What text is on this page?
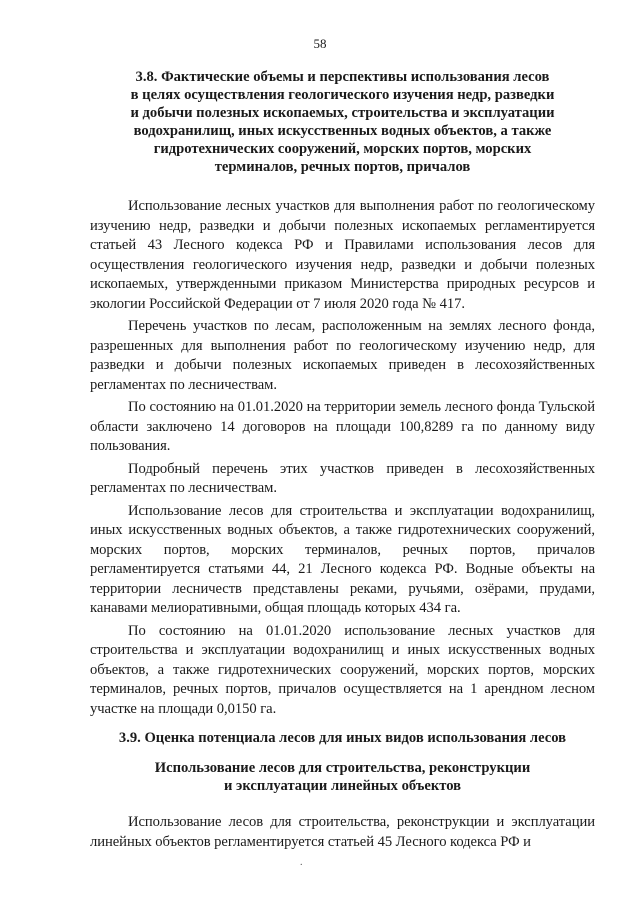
58
3.8. Фактические объемы и перспективы использования лесов
в целях осуществления геологического изучения недр, разведки
и добычи полезных ископаемых, строительства и эксплуатации
водохранилищ, иных искусственных водных объектов, а также
гидротехнических сооружений, морских портов, морских
терминалов, речных портов, причалов

Использование лесных участков для выполнения работ по геологическому изучению недр, разведки и добычи полезных ископаемых регламентируется статьей 43 Лесного кодекса РФ и Правилами использования лесов для осуществления геологического изучения недр, разведки и добычи полезных ископаемых, утвержденными приказом Министерства природных ресурсов и экологии Российской Федерации от 7 июля 2020 года № 417.

Перечень участков по лесам, расположенным на землях лесного фонда, разрешенных для выполнения работ по геологическому изучению недр, для разведки и добычи полезных ископаемых приведен в лесохозяйственных регламентах по лесничествам.

По состоянию на 01.01.2020 на территории земель лесного фонда Тульской области заключено 14 договоров на площади 100,8289 га по данному виду пользования.

Подробный перечень этих участков приведен в лесохозяйственных регламентах по лесничествам.

Использование лесов для строительства и эксплуатации водохранилищ, иных искусственных водных объектов, а также гидротехнических сооружений, морских портов, морских терминалов, речных портов, причалов регламентируется статьями 44, 21 Лесного кодекса РФ. Водные объекты на территории лесничеств представлены реками, ручьями, озёрами, прудами, канавами мелиоративными, общая площадь которых 434 га.

По состоянию на 01.01.2020 использование лесных участков для строительства и эксплуатации водохранилищ и иных искусственных водных объектов, а также гидротехнических сооружений, морских портов, морских терминалов, речных портов, причалов осуществляется на 1 арендном лесном участке на площади 0,0150 га.

3.9. Оценка потенциала лесов для иных видов использования лесов
Использование лесов для строительства, реконструкции
и эксплуатации линейных объектов

Использование лесов для строительства, реконструкции и эксплуатации линейных объектов регламентируется статьей 45 Лесного кодекса РФ и

.
